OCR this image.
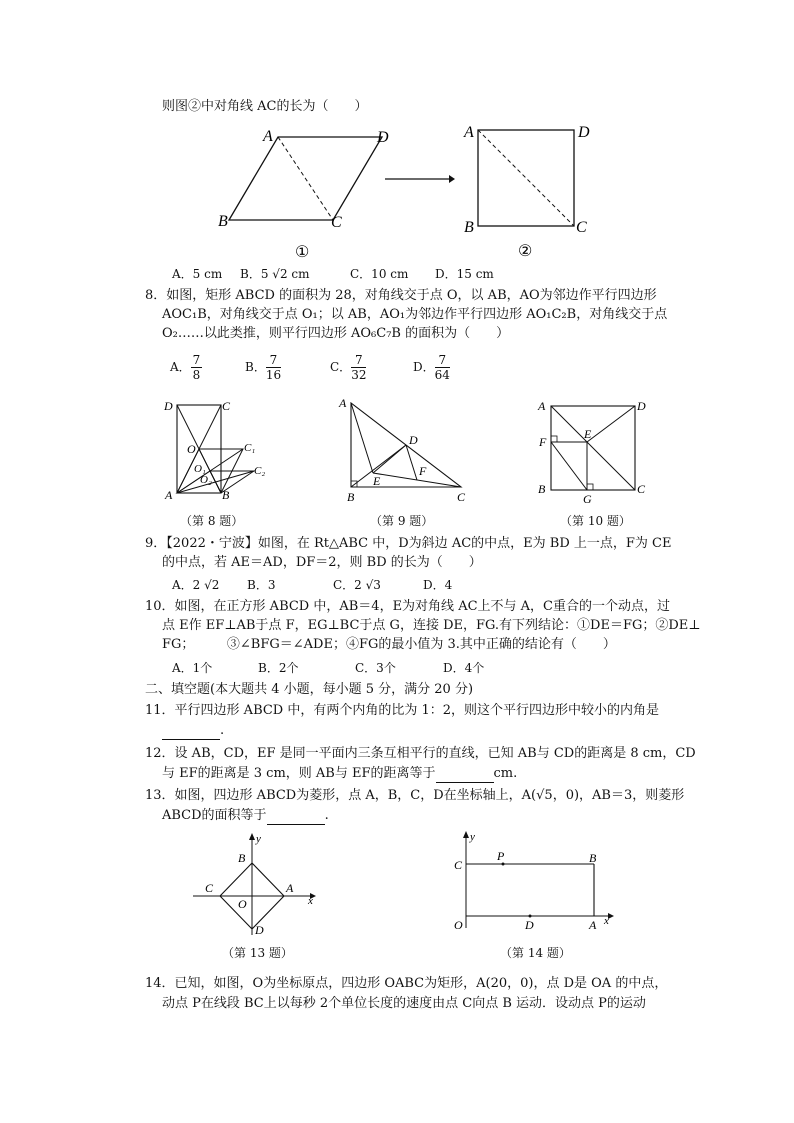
则图②中对角线 AC的长为（　　）
A	D
B	C
①
A	D
B	C
②
A．5 cm B．5 √2 cm	C．10 cm D．15 cm
8．如图，矩形 ABCD 的面积为 28，对角线交于点 O，以 AB，AO为邻边作平行四边形
AOC₁B，对角线交于点 O₁；以 AB，AO₁为邻边作平行四边形 AO₁C₂B，对角线交于点
O₂……以此类推，则平行四边形 AO₆C₇B 的面积为（　　）
A． $\frac{7}{8}$	B． $\frac{7}{16}$	C． $\frac{7}{32}$	D． $\frac{7}{64}$
D	C
O
O₁
O₂
C₁
C₂
A	B
（第 8 题）
A
D
F
E
B	C
（第 9 题）
A	D
E
F
B
G
C
（第 10 题）
9．【2022・宁波】如图，在 Rt△ABC 中，D为斜边 AC的中点，E为 BD 上一点，F为 CE
的中点，若 AE＝AD，DF＝2，则 BD 的长为（　　）
A．2 √2 B．3	C．2 √3	D．4
10．如图，在正方形 ABCD 中，AB＝4，E为对角线 AC上不与 A，C重合的一个动点，过
点 E作 EF⊥AB于点 F，EG⊥BC于点 G，连接 DE，FG.有下列结论：①DE＝FG；②DE⊥
FG；　　　③∠BFG＝∠ADE；④FG的最小值为 3.其中正确的结论有（　　）
A．1个	B．2个	C．3个	D．4个
二、填空题(本大题共 4 小题，每小题 5 分，满分 20 分)
11．平行四边形 ABCD 中，有两个内角的比为 1：2，则这个平行四边形中较小的内角是
.
12．设 AB，CD，EF 是同一平面内三条互相平行的直线，已知 AB与 CD的距离是 8 cm，CD
与 EF的距离是 3 cm，则 AB与 EF的距离等于	cm.
13．如图，四边形 ABCD为菱形，点 A，B，C，D在坐标轴上，A(√5，0)，AB＝3，则菱形
ABCD的面积等于	.
y
B
C	A
O
D
x
（第 13 题）
y
C
P	B
O	D	A x
（第 14 题）
14．已知，如图，O为坐标原点，四边形 OABC为矩形，A(20，0)，点 D是 OA 的中点，
动点 P在线段 BC上以每秒 2个单位长度的速度由点 C向点 B 运动．设动点 P的运动
